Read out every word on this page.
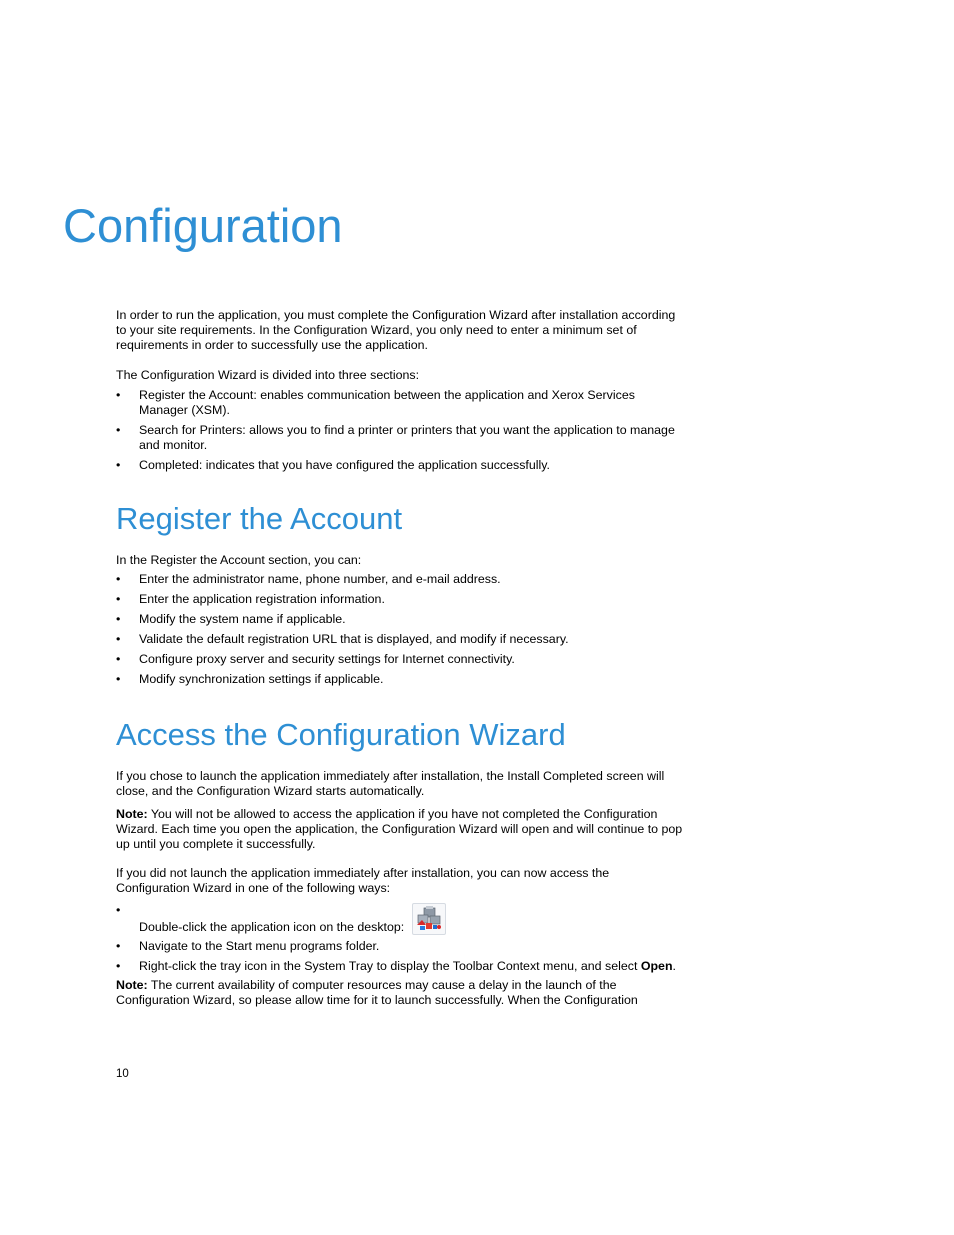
Configuration

In order to run the application, you must complete the Configuration Wizard after installation according to your site requirements. In the Configuration Wizard, you only need to enter a minimum set of requirements in order to successfully use the application.

The Configuration Wizard is divided into three sections:

• Register the Account: enables communication between the application and Xerox Services Manager (XSM).
• Search for Printers: allows you to find a printer or printers that you want the application to manage and monitor.
• Completed: indicates that you have configured the application successfully.
Register the Account

In the Register the Account section, you can:

• Enter the administrator name, phone number, and e-mail address.
• Enter the application registration information.
• Modify the system name if applicable.
• Validate the default registration URL that is displayed, and modify if necessary.
• Configure proxy server and security settings for Internet connectivity.
• Modify synchronization settings if applicable.
Access the Configuration Wizard

If you chose to launch the application immediately after installation, the Install Completed screen will close, and the Configuration Wizard starts automatically.

Note: You will not be allowed to access the application if you have not completed the Configuration Wizard. Each time you open the application, the Configuration Wizard will open and will continue to pop up until you complete it successfully.

If you did not launch the application immediately after installation, you can now access the Configuration Wizard in one of the following ways:

•
Double-click the application icon on the desktop:
• Navigate to the Start menu programs folder.
• Right-click the tray icon in the System Tray to display the Toolbar Context menu, and select Open.

Note: The current availability of computer resources may cause a delay in the launch of the Configuration Wizard, so please allow time for it to launch successfully. When the Configuration

10
